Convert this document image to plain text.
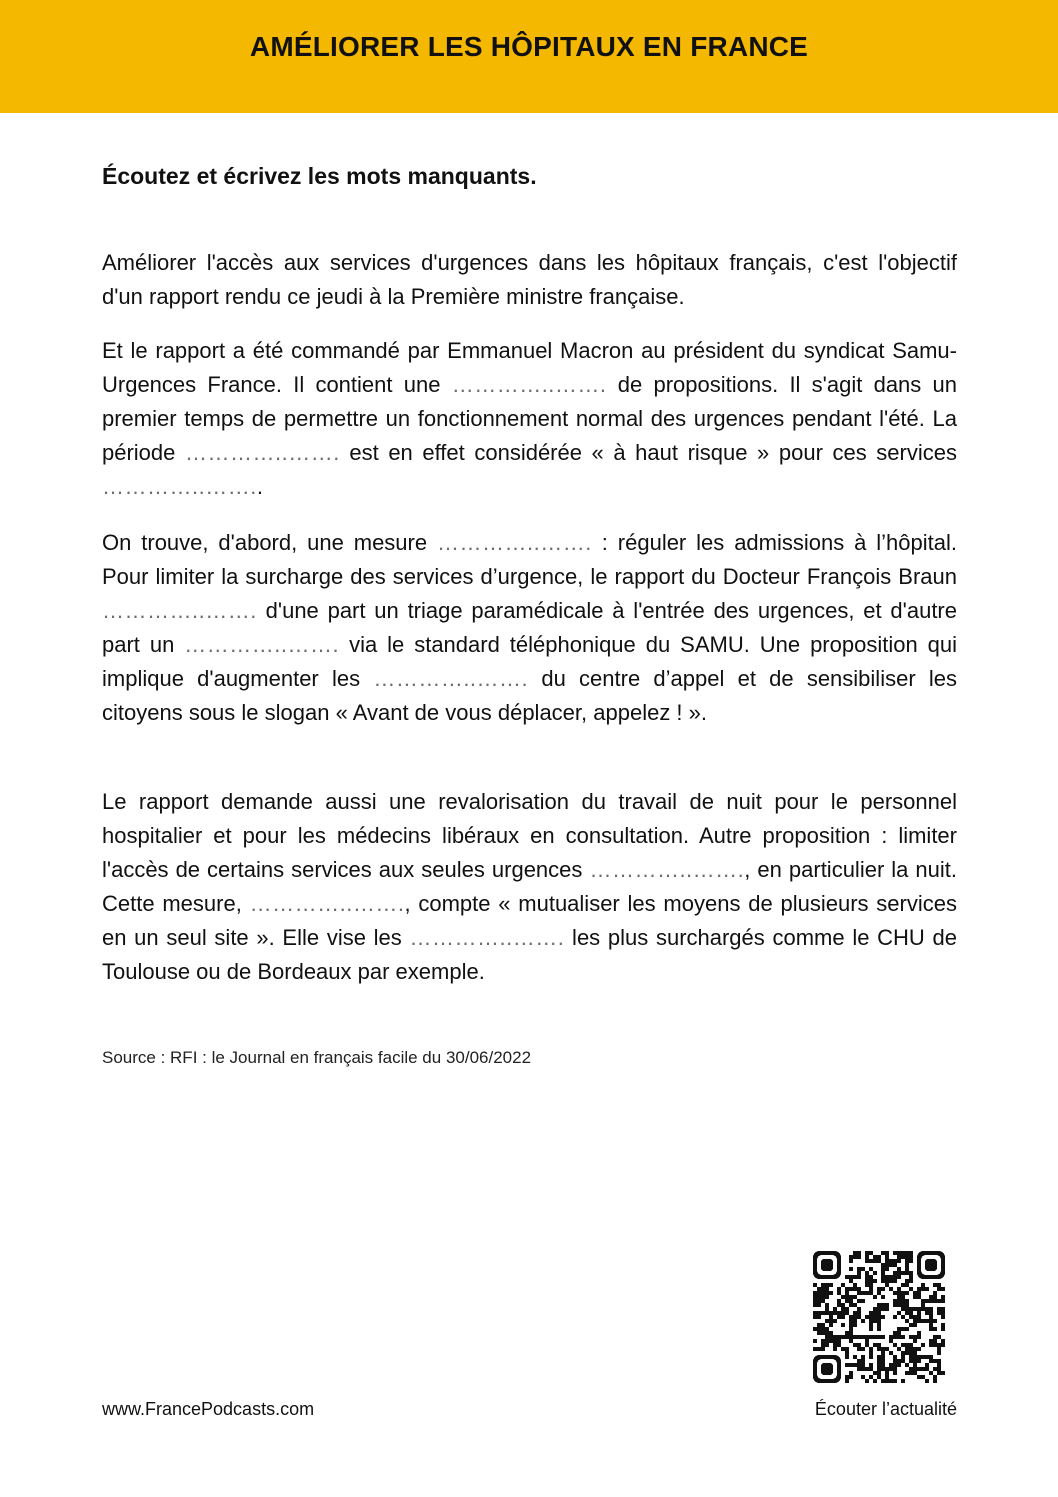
AMÉLIORER LES HÔPITAUX EN FRANCE
Écoutez et écrivez les mots manquants.
Améliorer l'accès aux services d'urgences dans les hôpitaux français, c'est l'objectif d'un rapport rendu ce jeudi à la Première ministre française.
Et le rapport a été commandé par Emmanuel Macron au président du syndicat Samu-Urgences France. Il contient une …………..……. de propositions. Il s'agit dans un premier temps de permettre un fonctionnement normal des urgences pendant l'été. La période …………..……. est en effet considérée « à haut risque » pour ces services …………..……..
On trouve, d'abord, une mesure …………..……. : réguler les admissions à l’hôpital. Pour limiter la surcharge des services d’urgence, le rapport du Docteur François Braun …………..……. d'une part un triage paramédicale à l'entrée des urgences, et d'autre part un …………..……. via le standard téléphonique du SAMU. Une proposition qui implique d'augmenter les …………..……. du centre d’appel et de sensibiliser les citoyens sous le slogan « Avant de vous déplacer, appelez ! ».
Le rapport demande aussi une revalorisation du travail de nuit pour le personnel hospitalier et pour les médecins libéraux en consultation. Autre proposition : limiter l'accès de certains services aux seules urgences …………..……., en particulier la nuit. Cette mesure, …………..……., compte « mutualiser les moyens de plusieurs services en un seul site ». Elle vise les …………..……. les plus surchargés comme le CHU de Toulouse ou de Bordeaux par exemple.
Source : RFI : le Journal en français facile du 30/06/2022
www.FrancePodcasts.com	Écouter l’actualité
